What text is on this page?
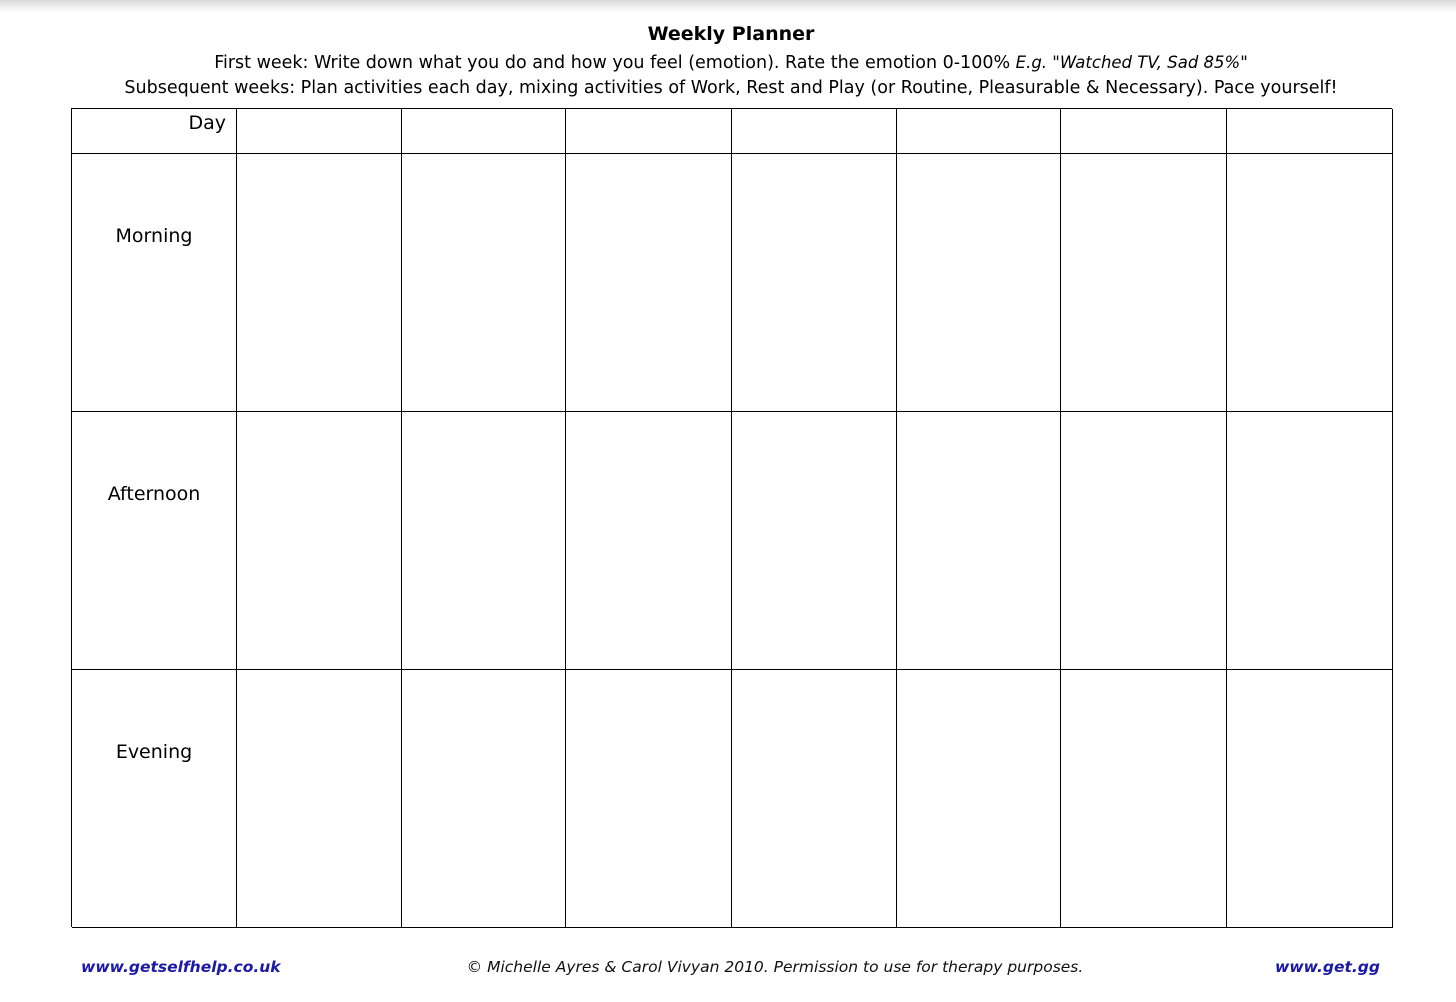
Weekly Planner
First week: Write down what you do and how you feel (emotion). Rate the emotion 0-100% E.g. "Watched TV, Sad 85%"
Subsequent weeks: Plan activities each day, mixing activities of Work, Rest and Play (or Routine, Pleasurable & Necessary). Pace yourself!
Day
Morning
Afternoon
Evening
www.getselfhelp.co.uk	© Michelle Ayres & Carol Vivyan 2010. Permission to use for therapy purposes.	www.get.gg
